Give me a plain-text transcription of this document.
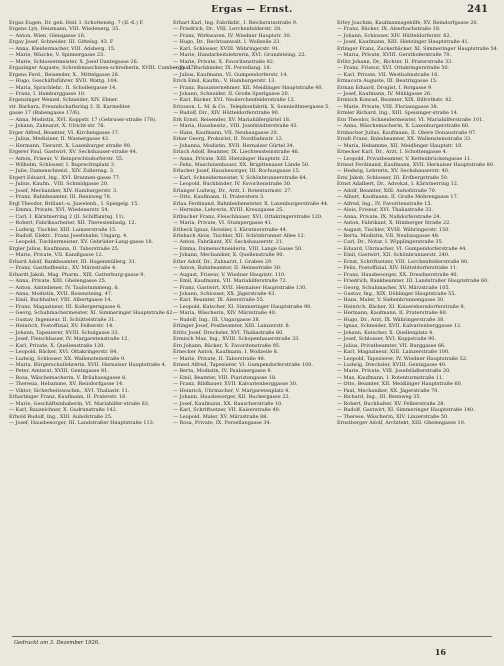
Ergas — Ernst.	241
Ergas Eugen, Dr. geb. Heil. I. Schottenstg. 7 (II.-6.) F.
Ergens Lyn, Heizmann, VIII. Wiedenerg. 35.
— Anton, Wien, Gleisgasse 16.
Ergay Josef, Schneider, III. Gittelsg. 43. F
— Anna, Kleidermacher, VIII. Adsberg. 15.
— Marie, Wäsche, V. Spinnergasse 23.
— Marie, Schlossermeister, X. Josef Dantegasse 26.
Ergazinger Auguste, Schreibmaschinen-schreiberin, XVIII. Cumbergg. 37.
Ergens Ferd., Reisender, X., Mittelgasse 28.
— Hugo, Geschäftsführer, XVII. Wattg. 104.
— Maria, Sprachlehr., II. Schollergasse 14.
— Franz, I. Hamburggasse 10.
Ergenzinger Wenzel, Schneider, XIV. Ebner.
str. Barbara, Freundschaftsring 2. II. Karmeliter.
gasse 17 (Babengasse 17/6).
— Anna, Modistin, XVI. Koppstr. 17 (Gebruser-straße 178).
— Johann, Zahnarzt, X. Ulricht-str. 76.
Erger Alfred, Beamter, VI. Kirchengasse 17.
— Julius, Mediziner, II. Wasnergasse 42.
— Hermann, Tierarzt, X. Laxenburger straße 90.
Ergerer Paul, Gastwirt, XV. Sechshauser-straße 44.
— Anton, Friseur, V. Reinprechtsdorferstr. 55.
— Wilhelm, Schlosser, I. Ruprechtsplatz 3.
— Julie, Damenschneid., XIV. Zollernsg. 3.
Ergert Eduard, Ing., XVI. Brunnen-gasse 77.
— Julius, Kaufm., VIII. Schmidgasse 20.
— Josef, Mechaniker, XIV. Hamburgerstr. 3.
— Franz, Bahnbeamter, III. Rennweg 78.
Ergl Theodor, Brillant.-u. Juwelenh., I. Spiegelg. 15.
— Emma, Private, XVI. Wiedenerstr. 54.
— Carl, I. Kärntnerring 2 (II. Schiffamtsg. 11).
— Robert, Fabriksarbeiter, XII. Theresienbadg. 12.
— Ludwig, Tischler, XIII. Lainzerstraße 15.
— Rudolf, Elektr., Franz Josefsbahn. Ungarg. 4.
— Leopold, Tischlermeister, XV. Gebrüder-Lang-gasse 18.
Ergler Julius, Kaufmann, II. Taborstraße 25.
— Marie, Private, VII. Kandlgasse 12.
Erhard Adolf, Bankbeamter, III. Hagenmüllerg. 31.
— Franz, Gasthofbesitz., XV. Märzstraße 4.
Erhardt Jakob, Mag. Pharm., XIX. Gatterburg-gasse 9.
— Anna, Private, XIII. Ghelengasse 25.
— Anton, Amtsdiener, IV. Taubstummeng. 6.
— Anna, Modistin, XVII. Rosensteing. 47.
— Emil, Buchhalter, VIII. Albertgasse 14.
— Franz, Magazineur, III. Kollergerngasse 8.
— Georg, Schuhmachermeister, XI. Simmeringer Hauptstraße 62.
— Gustav, Ingenieur, II. Schüttelstraße 31.
— Heinrich, Postoffizial, XV. Felberstr. 14.
— Johann, Tapezierer, XVIII. Schulgasse 33.
— Josef, Fleischhauer, IV. Margaretenstraße 12.
— Karl, Private, X. Quellenstraße 120.
— Leopold, Bäcker, XVI. Ottakringerstr. 84.
— Ludwig, Schlosser, XX. Wallensteinstraße 9.
— Maria, Bürgerschullehrerin, XVII. Hernalser Hauptstraße 4.
— Peter, Amtsrat, XVIII. Gentzgasse 81.
— Rosa, Wäschemacherin, V. Bräuhausgasse 8.
— Theresia, Hebamme, XV. Reindorfgasse 14.
— Viktor, Sicherheitswachm., XVI. Thaliastr. 11.
Erhartinger Franz, Kaufmann, II. Praterstr. 18.
— Marie, Geschäftsinhaberin, VI. Mariahilfer-straße 83.
— Karl, Bauzeichner, X. Gudrunstraße 142.
Erhold Rudolf, Ing., XIII. Auhofstraße 25.
— Josef, Hausbesorger, III. Landstraßer Hauptstraße 113.
Erhart Karl, Ing. Fabrikdir., I. Reichsratsstraße 9.
— Friedrich, Dr., VIII. Lerchenfelderstr. 28.
— Franz, Wirkwaren, IV. Wiedner Hauptstr. 30.
— Hugo, Dr., Rechtsanwalt, I. Wollzeile 23.
— Karl, Schlosser, XVIII. Währingerstr. 91.
— Marie, Handarbeitslehrerin, XVI. Grundsteing. 22.
— Marie, Private, X. Favoritenstraße 82.
— Paul, Buchbinder, IX. Porzellang. 18.
— Julius, Kaufmann, VI. Gumpendorferstr. 14.
Erich Emil, Kaufm., V. Hamburgerstr. 13.
— Franz, Bauunternehmer, XII. Meidlinger Hauptstraße 40.
— Johann, Schneider, II. Große Sperlgasse 20.
— Karl, Bäcker, XVI. Neulerchenfelderstraße 12.
Ericsson, L. M. & Co., Telephonfabrik, X. Sonnleithnergasse 5.
— Rudolf, Dir., XIV. Hütteldorferstraße 90.
Erk Ernst, Reisender, XV. Mariahilfergürtel 18.
— Maria, Hausbesitz., VIII. Josefstädterstraße 43.
— Hans, Kaufmann, VII. Neubaugasse 20.
Erker Georg, Prokurist, II. Nordbahnstr. 12.
— Johanna, Modistin, XVII. Hernalser Gürtel 34.
Erlach Adolf, Beamter, IX. Liechtensteinstraße 46.
— Anna, Private, XIII. Hietzinger Hauptstr. 22.
— Felix, Maschinenbauer, XX. Brigittenauer Lände 50.
Erlacher Josef, Hausbesorger, III. Rochusgasse 15.
— Karl, Schneidermeister, V. Schönbrunnerstraße 64.
— Leopold, Buchbinder, IV. Favoritenstraße 30.
Erlanger Ludwig, Dr., Arzt, I. Rotenturmstr. 27.
— Otto, Kaufmann, II. Praterstern 3.
Erlau Ferdinand, Bahnbediensteter, X. Laxenburgerstraße 44.
— Hermine, Lehrerin, XVIII. Kreuzgasse 25.
Erlbacher Franz, Fleischhauer, XVI. Ottakringerstraße 120.
— Maria, Private, VI. Stumpergasse 41.
Erlbeck Ignaz, Hotelier, I. Kärntnerstraße 44.
Erlebach Alois, Tischler, XII. Schönbrunner Allee 12.
— Anton, Fabrikant, XV. Sechshauserstr. 21.
— Emma, Damenschneiderin, VIII. Lange Gasse 50.
— Johann, Mechaniker, X. Quellenstraße 90.
Erler Adolf, Dr., Zahnarzt, I. Graben 29.
— Anton, Bahnbeamter, II. Heinestraße 30.
— August, Friseur, V. Wiedner Hauptstr. 110.
— Emil, Kaufmann, VII. Mariahilferstraße 72.
— Franz, Gastwirt, XVII. Hernalser Hauptstraße 130.
— Johann, Schlosser, XX. Jägerstraße 43.
— Karl, Beamter, IX. Alserstraße 55.
— Leopold, Kutscher, XI. Simmeringer Hauptstraße 90.
— Maria, Wäscherin, XIV. Märzstraße 40.
— Rudolf, Ing., III. Ungargasse 38.
Erlinger Josef, Postbeamter, XIII. Lainzerstr. 8.
Erlitz Josef, Drechsler, XVI. Thaliastraße 60.
Ermisch Max, Ing., XVIII. Schopenhauerstraße 33.
Ern Johann, Bäcker, X. Favoritenstraße 95.
Ernecker Anton, Kaufmann, I. Wollzeile 8.
— Marie, Private, II. Taborstraße 48.
Ernest Alfred, Tapezierer, VI. Gumpendorferstraße 100.
— Berta, Modistin, IV. Paulanergasse 9.
— Emil, Beamter, VIII. Piaristengasse 18.
— Franz, Bildhauer, XVII. Kalvarienberggasse 30.
— Heinrich, Uhrmacher, V. Margaretenplatz 4.
— Johann, Hausbesorger, XII. Ruckergasse 22.
— Josef, Kaufmann, XX. Rauscherstraße 10.
— Karl, Schriftsetzer, VII. Kaiserstraße 40.
— Leopold, Maler, XV. Märzstraße 88.
— Rosa, Private, IX. Porzellangasse 34.
Erley Joachim, Kaufmannsgehilfe, XV. Reindorfgasse 20.
— Franz, Bäcker, IX. Alserbachstraße 18.
— Johann, Schlosser, XIV. Hütteldorferstr. 62.
— Josef, Kaufmann, XIII. Hietzinger Hauptstraße 41.
Erlinger Franz, Zuckerbäcker, XI. Simmeringer Hauptstraße 54.
— Maria, Private, XVIII. Gersthoferstraße 70.
Erlitz Johann, Dr., Richter, II. Praterstraße 33.
— Franz, Friseur, XVI. Ottakringerstraße 50.
— Karl, Private, VII. Westbahnstraße 16.
Ermacora Auguste, III. Beatrixgasse 15.
Erman Eduard, Drogist, I. Rotgasse 9.
— Josef, Kaufmann, IV. Mühlgasse 26.
Ermisch Konrad, Beamter, XIX. Billrothstr. 42.
— Marie, Private, VIII. Florianigasse 38.
Ermler Richard, Ing., XIII. Speisinger-straße 14.
Ern Theodor, Schneidermeister, VI. Mariahilferstraße 101.
— Anna, Wäschemacherin, X. Laxenburgerstraße 60.
Ernbacher Julius, Kaufmann, II. Obere Donaustraße 97.
Erndt Franz, Bahnbeamter, XX. Wallensteinstraße 33.
— Maria, Hebamme, XII. Meidlinger Hauptstr. 18.
Ernecker Karl, Dr., Arzt, I. Schottengasse 4.
— Leopold, Privatbeamter, V. Kettenbrückengasse 11.
Ernest Ferdinand, Kaufmann, XVII. Hernalser Hauptstraße 80.
— Hedwig, Lehrerin, XV. Sechshauserstr. 40.
Erni Jakob, Schlosser, III. Erdbergstraße 50.
Ernst Adalbert, Dr., Advokat, I. Kärntnerring 12.
— Adolf, Beamter, XIII. Auhofstraße 70.
— Albert, Kaufmann, II. Große Mohrengasse 17.
— Alfred, Ing., IV. Favoritenstraße 15.
— Alois, Friseur, XVI. Thaliastraße 33.
— Anna, Private, IX. Nußdorferstraße 24.
— Anton, Fabrikant, X. Himberger Straße 22.
— August, Tischler, XVIII. Währingerstr. 150.
— Berta, Modistin, VII. Neubaugasse 48.
— Carl, Dr., Notar, I. Wipplingerstraße 35.
— Eduard, Uhrmacher, VI. Gumpendorferstraße 44.
— Emil, Gastwirt, XII. Schönbrunnerstr. 240.
— Ernst, Schriftsetzer, VIII. Lerchenfelderstraße 80.
— Felix, Postoffizial, XIV. Hütteldorferstraße 11.
— Franz, Hausbesorger, XX. Dresdnerstraße 40.
— Friedrich, Bankbeamter, III. Landstraßer Hauptstraße 60.
— Georg, Schuhmacher, XV. Märzstraße 105.
— Gustav, Ing., XIX. Döblinger Hauptstraße 55.
— Hans, Maler, V. Siebenbrunnengasse 30.
— Heinrich, Bäcker, XI. Kaiserebersdorferstraße 8.
— Hermann, Kaufmann, II. Praterstraße 60.
— Hugo, Dr., Arzt, IX. Währingerstraße 38.
— Ignaz, Schneider, XVII. Kalvarienberggasse 12.
— Johann, Kutscher, X. Quellenplatz 4.
— Josef, Schlosser, XVI. Koppstraße 90.
— Julius, Privatbeamter, VII. Burggasse 66.
— Karl, Magazineur, XIII. Lainzerstraße 100.
— Leopold, Tapezierer, IV. Wiedner Hauptstraße 52.
— Ludwig, Drechsler, XVIII. Gentzgasse 40.
— Marie, Private, VIII. Josefstädterstraße 20.
— Max, Kaufmann, I. Rotenturmstraße 11.
— Otto, Beamter, XII. Meidlinger Hauptstraße 60.
— Paul, Mechaniker, XX. Jägerstraße 70.
— Richard, Ing., III. Rennweg 35.
— Robert, Buchhalter, XV. Felberstraße 28.
— Rudolf, Gastwirt, XI. Simmeringer Hauptstraße 140.
— Therese, Wäscherin, XIV. Linzerstraße 50.
Ernstberger Adolf, Architekt, XIII. Ghelengasse 10.
Gedruckt am 3. Dezember 1926.
16
